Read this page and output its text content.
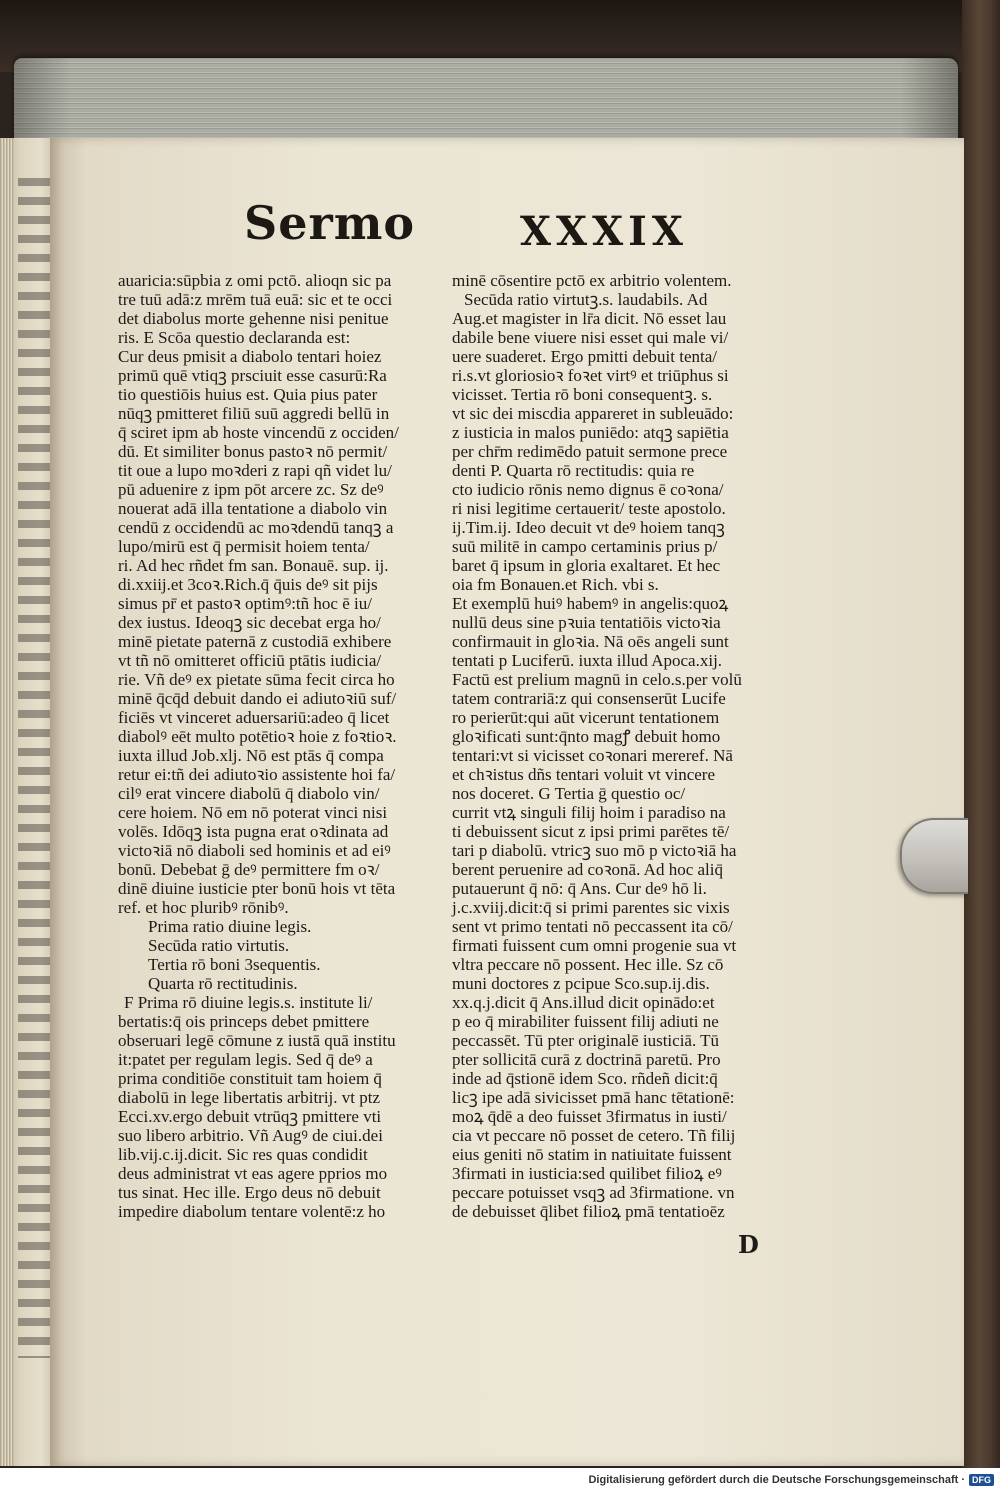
Sermo	XXXIX
auaricia:sūpbia z omi pctō. alioqn sic pa
tre tuū adā:z mrēm tuā euā: sic et te occi
det diabolus morte gehenne nisi penitue
ris. E Scōa questio declaranda est:
Cur deus pmisit a diabolo tentari hoiez
primū quē vtiqꝫ prsciuit esse casurū:Ra
tio questiōis huius est. Quia pius pater
nūqꝫ pmitteret filiū suū aggredi bellū in
q̄ sciret ipm ab hoste vincendū z occiden/
dū. Et similiter bonus pastoꝛ nō permit/
tit oue a lupo moꝛderi z rapi qñ videt lu/
pū aduenire z ipm pōt arcere zc. Sz deꝰ
nouerat adā illa tentatione a diabolo vin
cendū z occidendū ac moꝛdendū tanqꝫ a
lupo/mirū est q̄ permisit hoiem tenta/
ri. Ad hec rñdet fm san. Bonauē. sup. ij.
di.xxiij.et 3coꝛ.Rich.q̄ q̄uis deꝰ sit pijs
simus pr̄ et pastoꝛ optimꝰ:tñ hoc ē iu/
dex iustus. Ideoqꝫ sic decebat erga ho/
minē pietate paternā z custodiā exhibere
vt tñ nō omitteret officiū ptātis iudicia/
rie. Vñ deꝰ ex pietate sūma fecit circa ho
minē q̄cq̄d debuit dando ei adiutoꝛiū suf/
ficiēs vt vinceret aduersariū:adeo q̄ licet
diabolꝰ eēt multo potētioꝛ hoie z foꝛtioꝛ.
iuxta illud Job.xlj. Nō est ptās q̄ compa
retur ei:tñ dei adiutoꝛio assistente hoi fa/
cilꝰ erat vincere diabolū q̄ diabolo vin/
cere hoiem. Nō em nō poterat vinci nisi
volēs. Idōqꝫ ista pugna erat oꝛdinata ad
victoꝛiā nō diaboli sed hominis et ad eiꝰ
bonū. Debebat ḡ deꝰ permittere fm oꝛ/
dinē diuine iusticie pter bonū hois vt tēta
ref. et hoc pluribꝰ rōnibꝰ.
Prima ratio diuine legis.
Secūda ratio virtutis.
Tertia rō boni 3sequentis.
Quarta rō rectitudinis.
F Prima rō diuine legis.s. institute li/
bertatis:q̄ ois princeps debet pmittere
obseruari legē cōmune z iustā quā institu
it:patet per regulam legis. Sed q̄ deꝰ a
prima conditiōe constituit tam hoiem q̄
diabolū in lege libertatis arbitrij. vt ptz
Ecci.xv.ergo debuit vtrūqꝫ pmittere vti
suo libero arbitrio. Vñ Augꝰ de ciui.dei
lib.vij.c.ij.dicit. Sic res quas condidit
deus administrat vt eas agere pprios mo
tus sinat. Hec ille. Ergo deus nō debuit
impedire diabolum tentare volentē:z ho
minē cōsentire pctō ex arbitrio volentem.
Secūda ratio virtutꝫ.s. laudabils. Ad
Aug.et magister in lr̄a dicit. Nō esset lau
dabile bene viuere nisi esset qui male vi/
uere suaderet. Ergo pmitti debuit tenta/
ri.s.vt gloriosioꝛ foꝛet virtꝰ et triūphus si
vicisset. Tertia rō boni consequentꝫ. s.
vt sic dei miscdia appareret in subleuādo:
z iusticia in malos puniēdo: atqꝫ sapiētia
per chr̄m redimēdo patuit sermone prece
denti P. Quarta rō rectitudis: quia re
cto iudicio rōnis nemo dignus ē coꝛona/
ri nisi legitime certauerit/ teste apostolo.
ij.Tim.ij. Ideo decuit vt deꝰ hoiem tanqꝫ
suū militē in campo certaminis prius p/
baret q̄ ipsum in gloria exaltaret. Et hec
oia fm Bonauen.et Rich. vbi s.
Et exemplū huiꝰ habemꝰ in angelis:quoꝝ
nullū deus sine pꝛuia tentatiōis victoꝛia
confirmauit in gloꝛia. Nā oēs angeli sunt
tentati p Luciferū. iuxta illud Apoca.xij.
Factū est prelium magnū in celo.s.per volū
tatem contrariā:z qui consenserūt Lucife
ro perierūt:qui aūt vicerunt tentationem
gloꝛificati sunt:q̄nto magꝭ debuit homo
tentari:vt si vicisset coꝛonari mereref. Nā
et chꝛistus dñs tentari voluit vt vincere
nos doceret. G Tertia ḡ questio oc/
currit vtꝝ singuli filij hoim i paradiso na
ti debuissent sicut z ipsi primi parētes tē/
tari p diabolū. vtricꝫ suo mō p victoꝛiā ha
berent peruenire ad coꝛonā. Ad hoc aliq̄
putauerunt q̄ nō: q̄ Ans. Cur deꝰ hō li.
j.c.xviij.dicit:q̄ si primi parentes sic vixis
sent vt primo tentati nō peccassent ita cō/
firmati fuissent cum omni progenie sua vt
vltra peccare nō possent. Hec ille. Sz cō
muni doctores z pcipue Sco.sup.ij.dis.
xx.q.j.dicit q̄ Ans.illud dicit opinādo:et
p eo q̄ mirabiliter fuissent filij adiuti ne
peccassēt. Tū pter originalē iusticiā. Tū
pter sollicitā curā z doctrinā paretū. Pro
inde ad q̄stionē idem Sco. rñdeñ dicit:q̄
licꝫ ipe adā sivicisset pmā hanc tētationē:
moꝝ q̄dē a deo fuisset 3firmatus in iusti/
cia vt peccare nō posset de cetero. Tñ filij
eius geniti nō statim in natiuitate fuissent
3firmati in iusticia:sed quilibet filioꝝ eꝰ
peccare potuisset vsqꝫ ad 3firmatione. vn
de debuisset q̄libet filioꝝ pmā tentatioēz
D
Digitalisierung gefördert durch die Deutsche Forschungsgemeinschaft · DFG
